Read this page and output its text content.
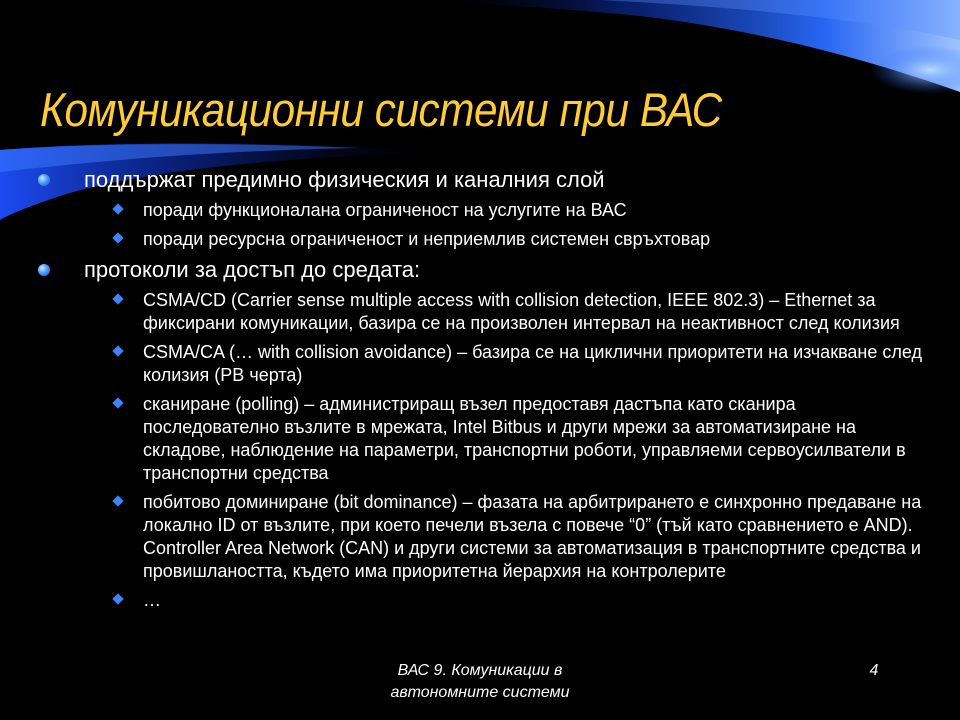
Комуникационни системи при ВАС
поддържат предимно физическия и каналния слой
поради функционалана ограниченост на услугите на ВАС
поради ресурсна ограниченост и неприемлив системен свръхтовар
протоколи за достъп до средата:
CSMA/CD (Carrier sense multiple access with collision detection, IEEE 802.3) – Ethernet за фиксирани комуникации, базира се на произволен интервал на неактивност след колизия
CSMA/CA (… with collision avoidance) – базира се на циклични приоритети на изчакване след колизия (PB черта)
сканиране (polling) – администриращ възел предоставя дастъпа като сканира последователно възлите в мрежата, Intel Bitbus и други мрежи за автоматизиране на складове, наблюдение на параметри, транспортни роботи, управляеми сервоусилватели в транспортни средства
побитово доминиране (bit dominance) – фазата на арбитрирането е синхронно предаване на локално ID от възлите, при което печели възела с повече “0” (тъй като сравнението е AND). Controller Area Network (CAN) и други системи за автоматизация в транспортните средства и провишлаността, където има приоритетна йерархия на контролерите
…
ВАС 9. Комуникации в автономните системи
4
